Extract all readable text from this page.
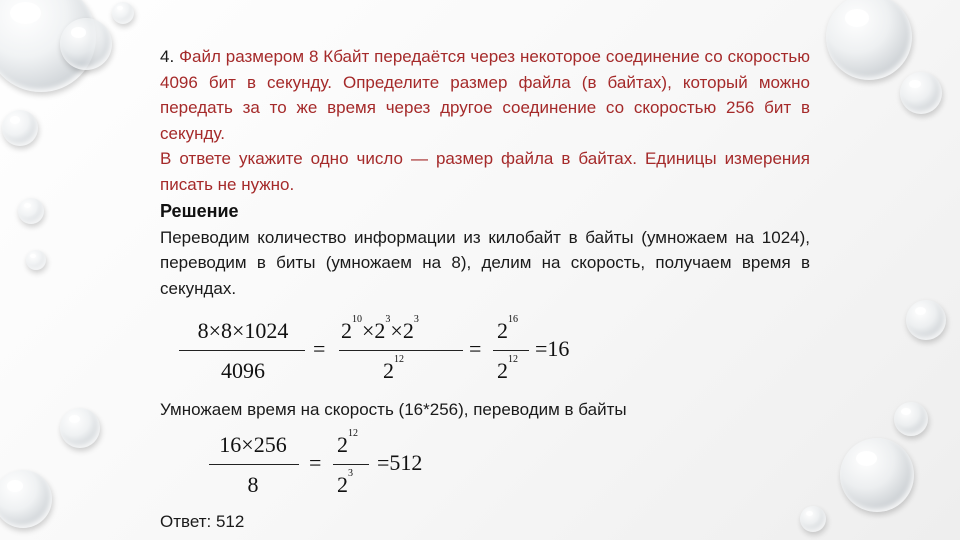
4. Файл размером 8 Кбайт передаётся через некоторое соединение со скоростью 4096 бит в секунду. Определите размер файла (в байтах), который можно передать за то же время через другое соединение со скоростью 256 бит в секунду.

В ответе укажите одно число — размер файла в байтах. Единицы измерения писать не нужно.

Решение

Переводим количество информации из килобайт в байты (умножаем на 1024), переводим в биты (умножаем на 8), делим на скорость, получаем время в секундах.

8×8×1024
4096
=
$2^{10}\times 2^3\times 2^3$
$2^{12}$	=
$2^{16}$
$2^{12} =16$
Умножаем время на скорость (16*256), переводим в байты
16×256
8
=
$2^{12}$
$2^3 =512$
Ответ: 512
